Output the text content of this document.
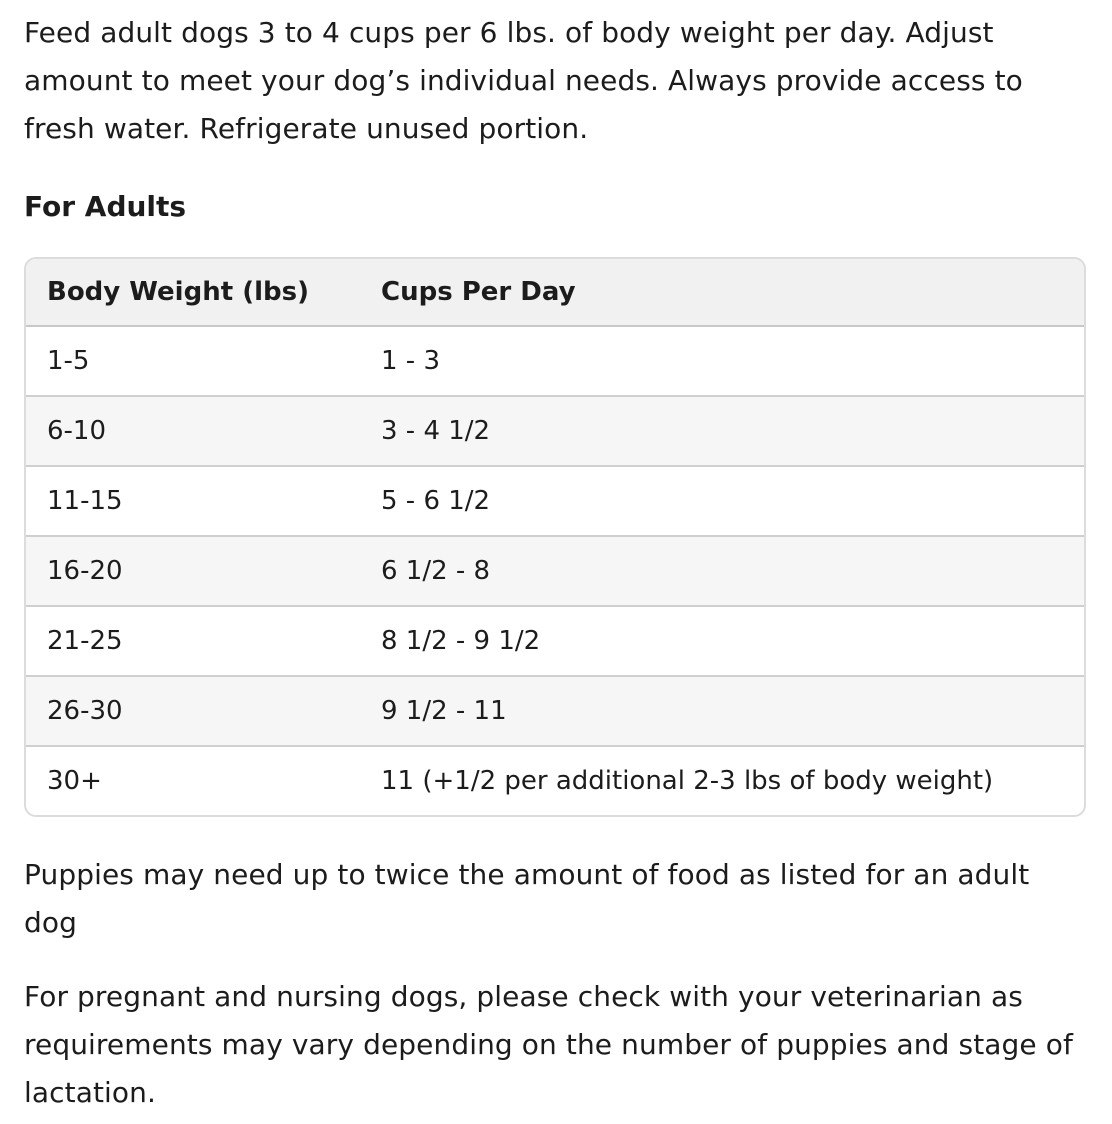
Feed adult dogs 3 to 4 cups per 6 lbs. of body weight per day. Adjust amount to meet your dog’s individual needs. Always provide access to fresh water. Refrigerate unused portion.

For Adults
Body Weight (lbs)	Cups Per Day
1-5	1 - 3
6-10	3 - 4 1/2
11-15	5 - 6 1/2
16-20	6 1/2 - 8
21-25	8 1/2 - 9 1/2
26-30	9 1/2 - 11
30+	11 (+1/2 per additional 2-3 lbs of body weight)

Puppies may need up to twice the amount of food as listed for an adult dog

For pregnant and nursing dogs, please check with your veterinarian as requirements may vary depending on the number of puppies and stage of lactation.
